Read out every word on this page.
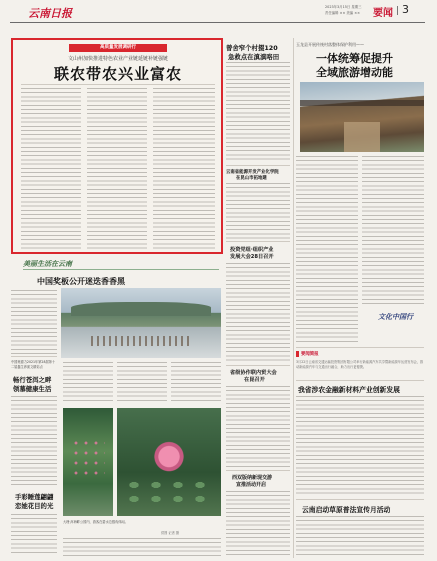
云南日报	2023年3月15日 星期三
责任编辑 ×× 美编 ×× 要闻 3
高质量发展调研行
文山州加快推进特色农业产业链延链补链强链
联农带农兴业富农
曾舍窄个村掇120
急救点在滇滇咯田
云南省能源开发产业化学院
在昆山市拓地建
投资党组·组织产业
发展大会28日召开
省级协作联内贸大会
在昆召开
西双版纳新现交游
宣推活动开启
玉龙县开展传统村落整体保护利用——
一体统筹促提升
全域旅游增动能
文化中国行
要闻简报
3月22日云南省交通运输投资集团有限公司举行新能源汽车共享暨新能源车运营发布会，推动新能源汽车与交通出行融合，助力出行更便捷。
我省涉农金融新材料产业创新发展
云南启动草原普法宣传月活动
美丽生活在云南
中国奖板公开迷迭香香黑
中国奥德力2021年第28届第十二届鑫生养面文精彩点
畅行苍洱之畔
领慕健康生活
手彩睡莲翩翩
恋她花目的光
大理·洱海畔公园内，游客在碧水边嬉戏休闲。
供图 记者 摄
